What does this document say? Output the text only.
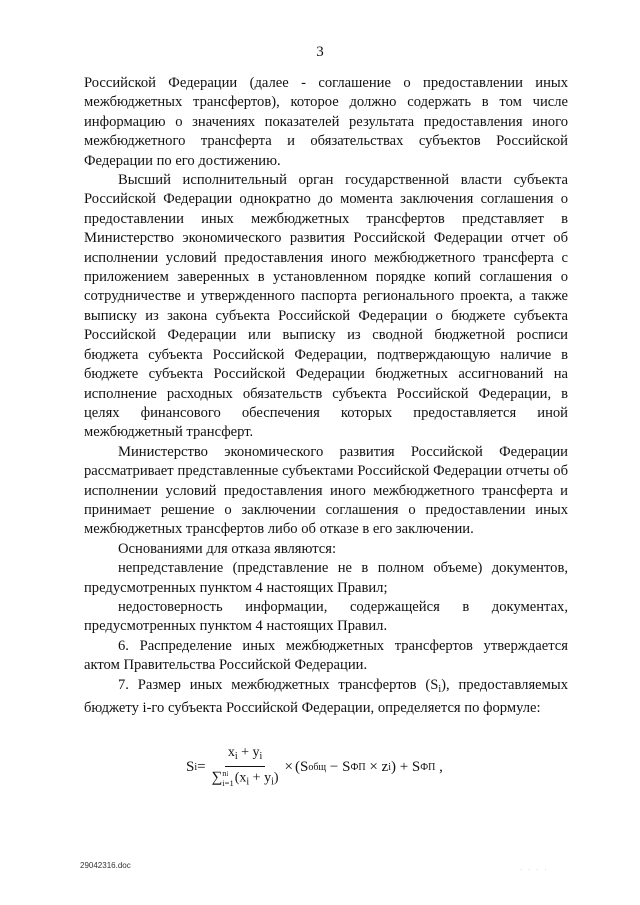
3

Российской Федерации (далее - соглашение о предоставлении иных межбюджетных трансфертов), которое должно содержать в том числе информацию о значениях показателей результата предоставления иного межбюджетного трансферта и обязательствах субъектов Российской Федерации по его достижению.

Высший исполнительный орган государственной власти субъекта Российской Федерации однократно до момента заключения соглашения о предоставлении иных межбюджетных трансфертов представляет в Министерство экономического развития Российской Федерации отчет об исполнении условий предоставления иного межбюджетного трансферта с приложением заверенных в установленном порядке копий соглашения о сотрудничестве и утвержденного паспорта регионального проекта, а также выписку из закона субъекта Российской Федерации о бюджете субъекта Российской Федерации или выписку из сводной бюджетной росписи бюджета субъекта Российской Федерации, подтверждающую наличие в бюджете субъекта Российской Федерации бюджетных ассигнований на исполнение расходных обязательств субъекта Российской Федерации, в целях финансового обеспечения которых предоставляется иной межбюджетный трансферт.

Министерство экономического развития Российской Федерации рассматривает представленные субъектами Российской Федерации отчеты об исполнении условий предоставления иного межбюджетного трансферта и принимает решение о заключении соглашения о предоставлении иных межбюджетных трансфертов либо об отказе в его заключении.

Основаниями для отказа являются:

непредставление (представление не в полном объеме) документов, предусмотренных пунктом 4 настоящих Правил;

недостоверность информации, содержащейся в документах, предусмотренных пунктом 4 настоящих Правил.

6. Распределение иных межбюджетных трансфертов утверждается актом Правительства Российской Федерации.

7. Размер иных межбюджетных трансфертов $(S_i)$, предоставляемых бюджету i-го субъекта Российской Федерации, определяется по формуле:

S $i = x_i + y_i$
∑ ni
i=1 $(x_i + y_i) \times (S$ общ − S ФП × z i ) + S ФП ,
29042316.doc	· · · ·
